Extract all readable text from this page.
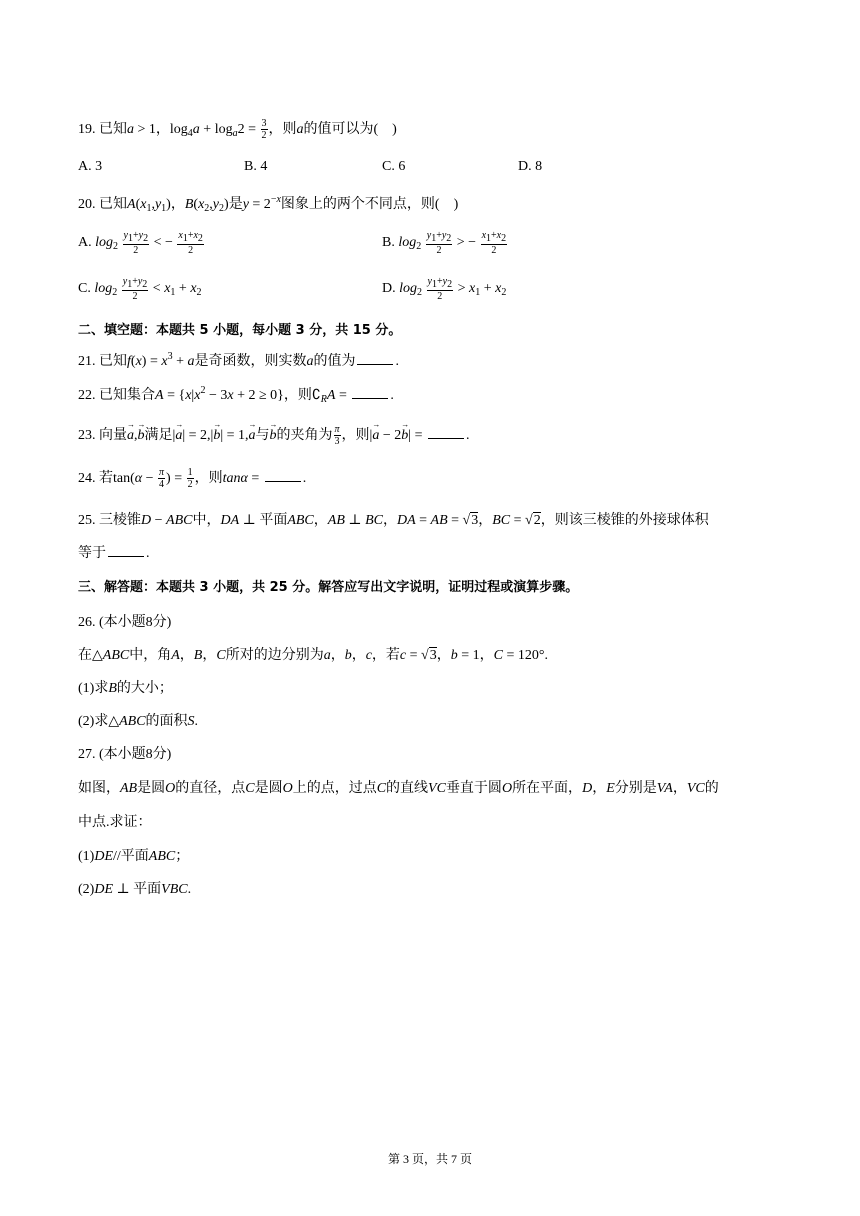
19. 已知a > 1，$\log_4a + \log_a2 = \frac{3}{2}$ ，则a的值可以为(　)
A. 3	B. 4	C. 6	D. 8
20. 已知$A(x_1,y_1)$，$B(x_2,y_2)$是$y = 2^{-x}$图象上的两个不同点，则(　)
A. $\log_2 \frac{y1+y2}{2}$ < − $\frac{x1+x2}{2}$	B. $\log_2 \frac{y1+y2}{2}$ > − $\frac{x1+x2}{2}$
C. $\log_2 \frac{y1+y2}{2} < x_1 + x_2$	D. $\log_2 \frac{y1+y2}{2} > x_1 + x_2$
二、填空题：本题共 5 小题，每小题 3 分，共 15 分。
21. 已知$f(x) = x^3 + a$是奇函数，则实数a的值为	.
22. 已知集合$A = \{x|x^2 - 3x + 2 \ge 0\}$，则$∁_RA$ =	.
23. 向量→ a,→ b满足|→ a| = 2,|→ b| = 1,→ a与→ b的夹角为 $\frac{\pi}{3}$ ，则|→ a − 2→ b| =	.
24. 若$\tan(\alpha - \frac{\pi}{4}$ ) = $\frac{1}{2}$ ，则tanα =	.
25. 三棱锥D − ABC中，DA ⊥ 平面ABC，AB ⊥ BC，DA = AB = √3，BC = √2，则该三棱锥的外接球体积
等于	.
三、解答题：本题共 3 小题，共 25 分。解答应写出文字说明，证明过程或演算步骤。
26. (本小题8分)
在△ABC中，角A，B，C所对的边分别为a，b，c，若c = √3，b = 1，C = 120°.
(1)求B的大小；
(2)求△ABC的面积S.
27. (本小题8分)
如图，AB是圆O的直径，点C是圆O上的点，过点C的直线VC垂直于圆O所在平面，D，E分别是VA，VC的
中点.求证：
(1)DE//平面ABC；
(2)DE ⊥ 平面VBC.
第 3 页，共 7 页
